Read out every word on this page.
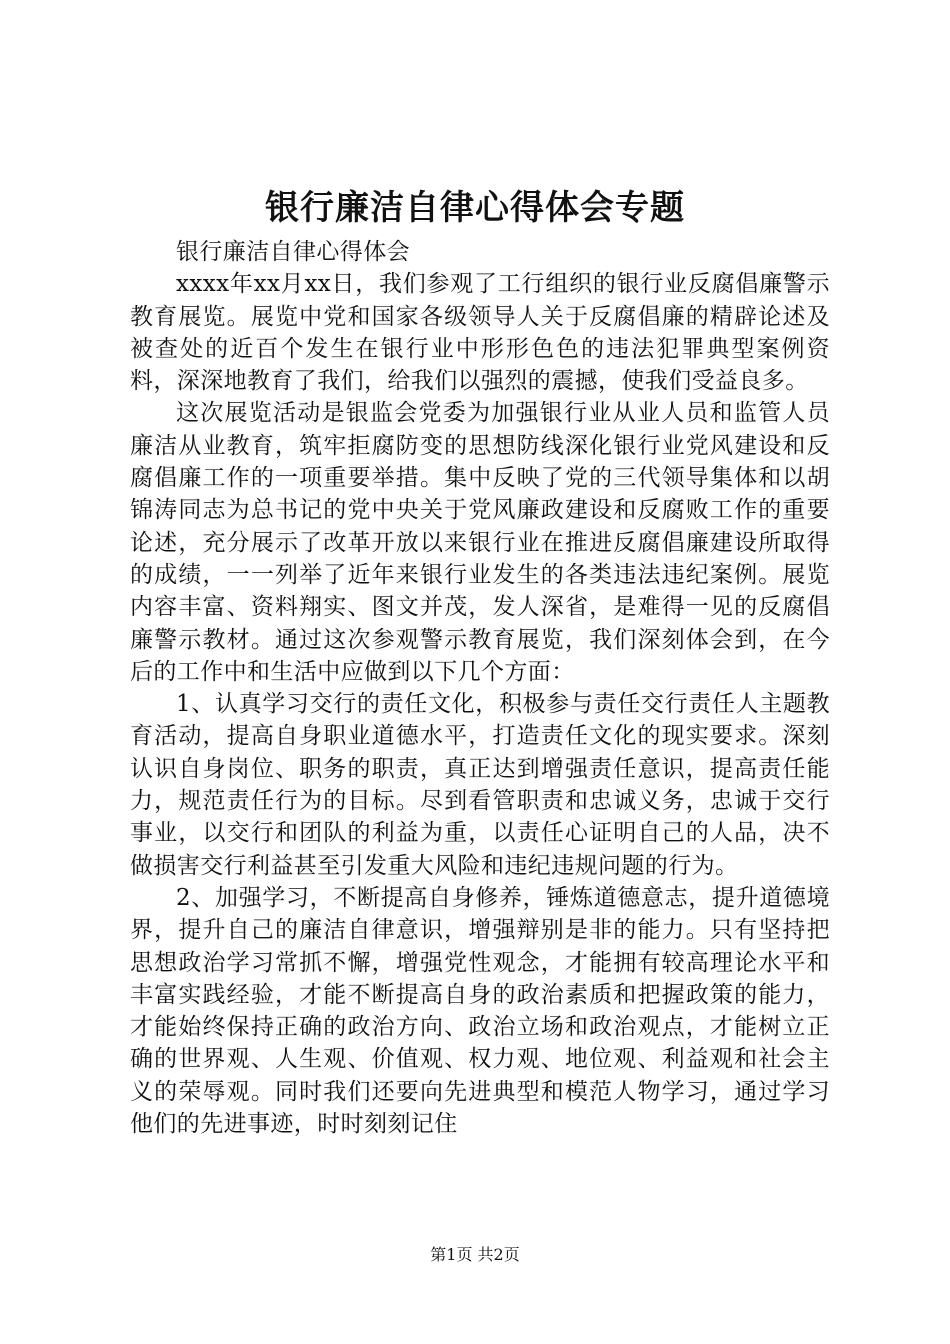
银行廉洁自律心得体会专题

银行廉洁自律心得体会

xxxx年xx月xx日，我们参观了工行组织的银行业反腐倡廉警示教育展览。展览中党和国家各级领导人关于反腐倡廉的精辟论述及被查处的近百个发生在银行业中形形色色的违法犯罪典型案例资料，深深地教育了我们，给我们以强烈的震撼，使我们受益良多。

这次展览活动是银监会党委为加强银行业从业人员和监管人员廉洁从业教育，筑牢拒腐防变的思想防线深化银行业党风建设和反腐倡廉工作的一项重要举措。集中反映了党的三代领导集体和以胡锦涛同志为总书记的党中央关于党风廉政建设和反腐败工作的重要论述，充分展示了改革开放以来银行业在推进反腐倡廉建设所取得的成绩，一一列举了近年来银行业发生的各类违法违纪案例。展览内容丰富、资料翔实、图文并茂，发人深省，是难得一见的反腐倡廉警示教材。通过这次参观警示教育展览，我们深刻体会到，在今后的工作中和生活中应做到以下几个方面：

1、认真学习交行的责任文化，积极参与责任交行责任人主题教育活动，提高自身职业道德水平，打造责任文化的现实要求。深刻认识自身岗位、职务的职责，真正达到增强责任意识，提高责任能力，规范责任行为的目标。尽到看管职责和忠诚义务，忠诚于交行事业，以交行和团队的利益为重，以责任心证明自己的人品，决不做损害交行利益甚至引发重大风险和违纪违规问题的行为。

2、加强学习，不断提高自身修养，锤炼道德意志，提升道德境界，提升自己的廉洁自律意识，增强辩别是非的能力。只有坚持把思想政治学习常抓不懈，增强党性观念，才能拥有较高理论水平和丰富实践经验，才能不断提高自身的政治素质和把握政策的能力，才能始终保持正确的政治方向、政治立场和政治观点，才能树立正确的世界观、人生观、价值观、权力观、地位观、利益观和社会主义的荣辱观。同时我们还要向先进典型和模范人物学习，通过学习他们的先进事迹，时时刻刻记住

第1页 共2页
